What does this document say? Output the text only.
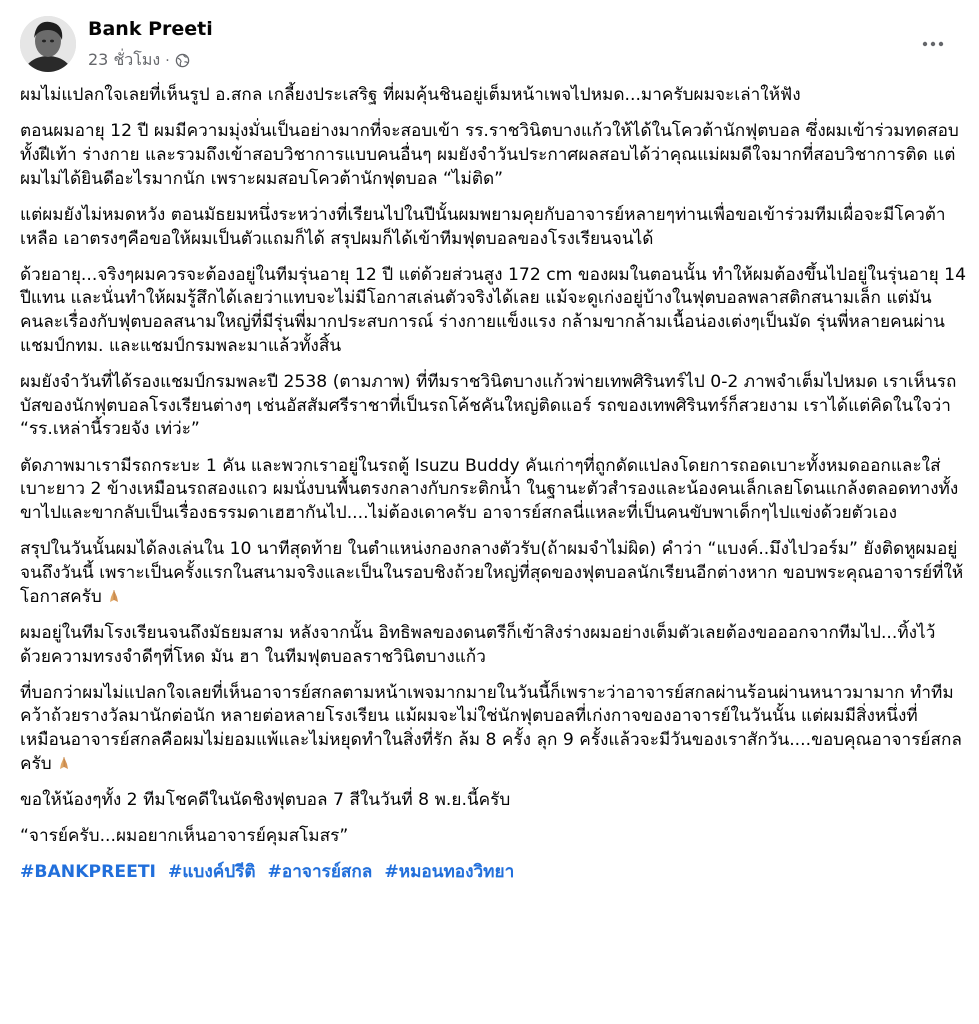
Bank Preeti
23 ชั่วโมง ·

ผมไม่แปลกใจเลยที่เห็นรูป อ.สกล เกลี้ยงประเสริฐ ที่ผมคุ้นชินอยู่เต็มหน้าเพจไปหมด...มาครับผมจะเล่าให้ฟัง

ตอนผมอายุ 12 ปี ผมมีความมุ่งมั่นเป็นอย่างมากที่จะสอบเข้า รร.ราชวินิตบางแก้วให้ได้ในโควต้านักฟุตบอล ซึ่งผมเข้าร่วมทดสอบทั้งฝีเท้า ร่างกาย และรวมถึงเข้าสอบวิชาการแบบคนอื่นๆ ผมยังจำวันประกาศผลสอบได้ว่าคุณแม่ผมดีใจมากที่สอบวิชาการติด แต่ผมไม่ได้ยินดีอะไรมากนัก เพราะผมสอบโควต้านักฟุตบอล “ไม่ติด”

แต่ผมยังไม่หมดหวัง ตอนมัธยมหนึ่งระหว่างที่เรียนไปในปีนั้นผมพยามคุยกับอาจารย์หลายๆท่านเพื่อขอเข้าร่วมทีมเผื่อจะมีโควต้าเหลือ เอาตรงๆคือขอให้ผมเป็นตัวแถมก็ได้ สรุปผมก็ได้เข้าทีมฟุตบอลของโรงเรียนจนได้

ด้วยอายุ...จริงๆผมควรจะต้องอยู่ในทีมรุ่นอายุ 12 ปี แต่ด้วยส่วนสูง 172 cm ของผมในตอนนั้น ทำให้ผมต้องขึ้นไปอยู่ในรุ่นอายุ 14 ปีแทน และนั่นทำให้ผมรู้สึกได้เลยว่าแทบจะไม่มีโอกาสเล่นตัวจริงได้เลย แม้จะดูเก่งอยู่บ้างในฟุตบอลพลาสติกสนามเล็ก แต่มันคนละเรื่องกับฟุตบอลสนามใหญ่ที่มีรุ่นพี่มากประสบการณ์ ร่างกายแข็งแรง กล้ามขากล้ามเนื้อน่องเต่งๆเป็นมัด รุ่นพี่หลายคนผ่านแชมป์กทม. และแชมป์กรมพละมาแล้วทั้งสิ้น

ผมยังจำวันที่ได้รองแชมป์กรมพละปี 2538 (ตามภาพ) ที่ทีมราชวินิตบางแก้วพ่ายเทพศิรินทร์ไป 0-2 ภาพจำเต็มไปหมด เราเห็นรถบัสของนักฟุตบอลโรงเรียนต่างๆ เช่นอัสสัมศรีราชาที่เป็นรถโค้ชคันใหญ่ติดแอร์ รถของเทพศิรินทร์ก็สวยงาม เราได้แต่คิดในใจว่า “รร.เหล่านี้รวยจัง เท่ว่ะ”

ตัดภาพมาเรามีรถกระบะ 1 คัน และพวกเราอยู่ในรถตู้ Isuzu Buddy คันเก่าๆที่ถูกดัดแปลงโดยการถอดเบาะทั้งหมดออกและใส่เบาะยาว 2 ข้างเหมือนรถสองแถว ผมนั่งบนพื้นตรงกลางกับกระติกน้ำ ในฐานะตัวสำรองและน้องคนเล็กเลยโดนแกล้งตลอดทางทั้งขาไปและขากลับเป็นเรื่องธรรมดาเฮฮากันไป....ไม่ต้องเดาครับ อาจารย์สกลนี่แหละที่เป็นคนขับพาเด็กๆไปแข่งด้วยตัวเอง

สรุปในวันนั้นผมได้ลงเล่นใน 10 นาทีสุดท้าย ในตำแหน่งกองกลางตัวรับ(ถ้าผมจำไม่ผิด) คำว่า “แบงค์..มึงไปวอร์ม” ยังติดหูผมอยู่จนถึงวันนี้ เพราะเป็นครั้งแรกในสนามจริงและเป็นในรอบชิงถ้วยใหญ่ที่สุดของฟุตบอลนักเรียนอีกต่างหาก ขอบพระคุณอาจารย์ที่ให้โอกาสครับ

ผมอยู่ในทีมโรงเรียนจนถึงมัธยมสาม หลังจากนั้น อิทธิพลของดนตรีก็เข้าสิงร่างผมอย่างเต็มตัวเลยต้องขอออกจากทีมไป...ทิ้งไว้ด้วยความทรงจำดีๆที่โหด มัน ฮา ในทีมฟุตบอลราชวินิตบางแก้ว

ที่บอกว่าผมไม่แปลกใจเลยที่เห็นอาจารย์สกลตามหน้าเพจมากมายในวันนี้ก็เพราะว่าอาจารย์สกลผ่านร้อนผ่านหนาวมามาก ทำทีมคว้าถ้วยรางวัลมานักต่อนัก หลายต่อหลายโรงเรียน แม้ผมจะไม่ใช่นักฟุตบอลที่เก่งกาจของอาจารย์ในวันนั้น แต่ผมมีสิ่งหนึ่งที่เหมือนอาจารย์สกลคือผมไม่ยอมแพ้และไม่หยุดทำในสิ่งที่รัก ล้ม 8 ครั้ง ลุก 9 ครั้งแล้วจะมีวันของเราสักวัน....ขอบคุณอาจารย์สกลครับ

ขอให้น้องๆทั้ง 2 ทีมโชคดีในนัดชิงฟุตบอล 7 สีในวันที่ 8 พ.ย.นี้ครับ

“จารย์ครับ...ผมอยากเห็นอาจารย์คุมสโมสร”

#BANKPREETI #แบงค์ปรีติ #อาจารย์สกล #หมอนทองวิทยา
